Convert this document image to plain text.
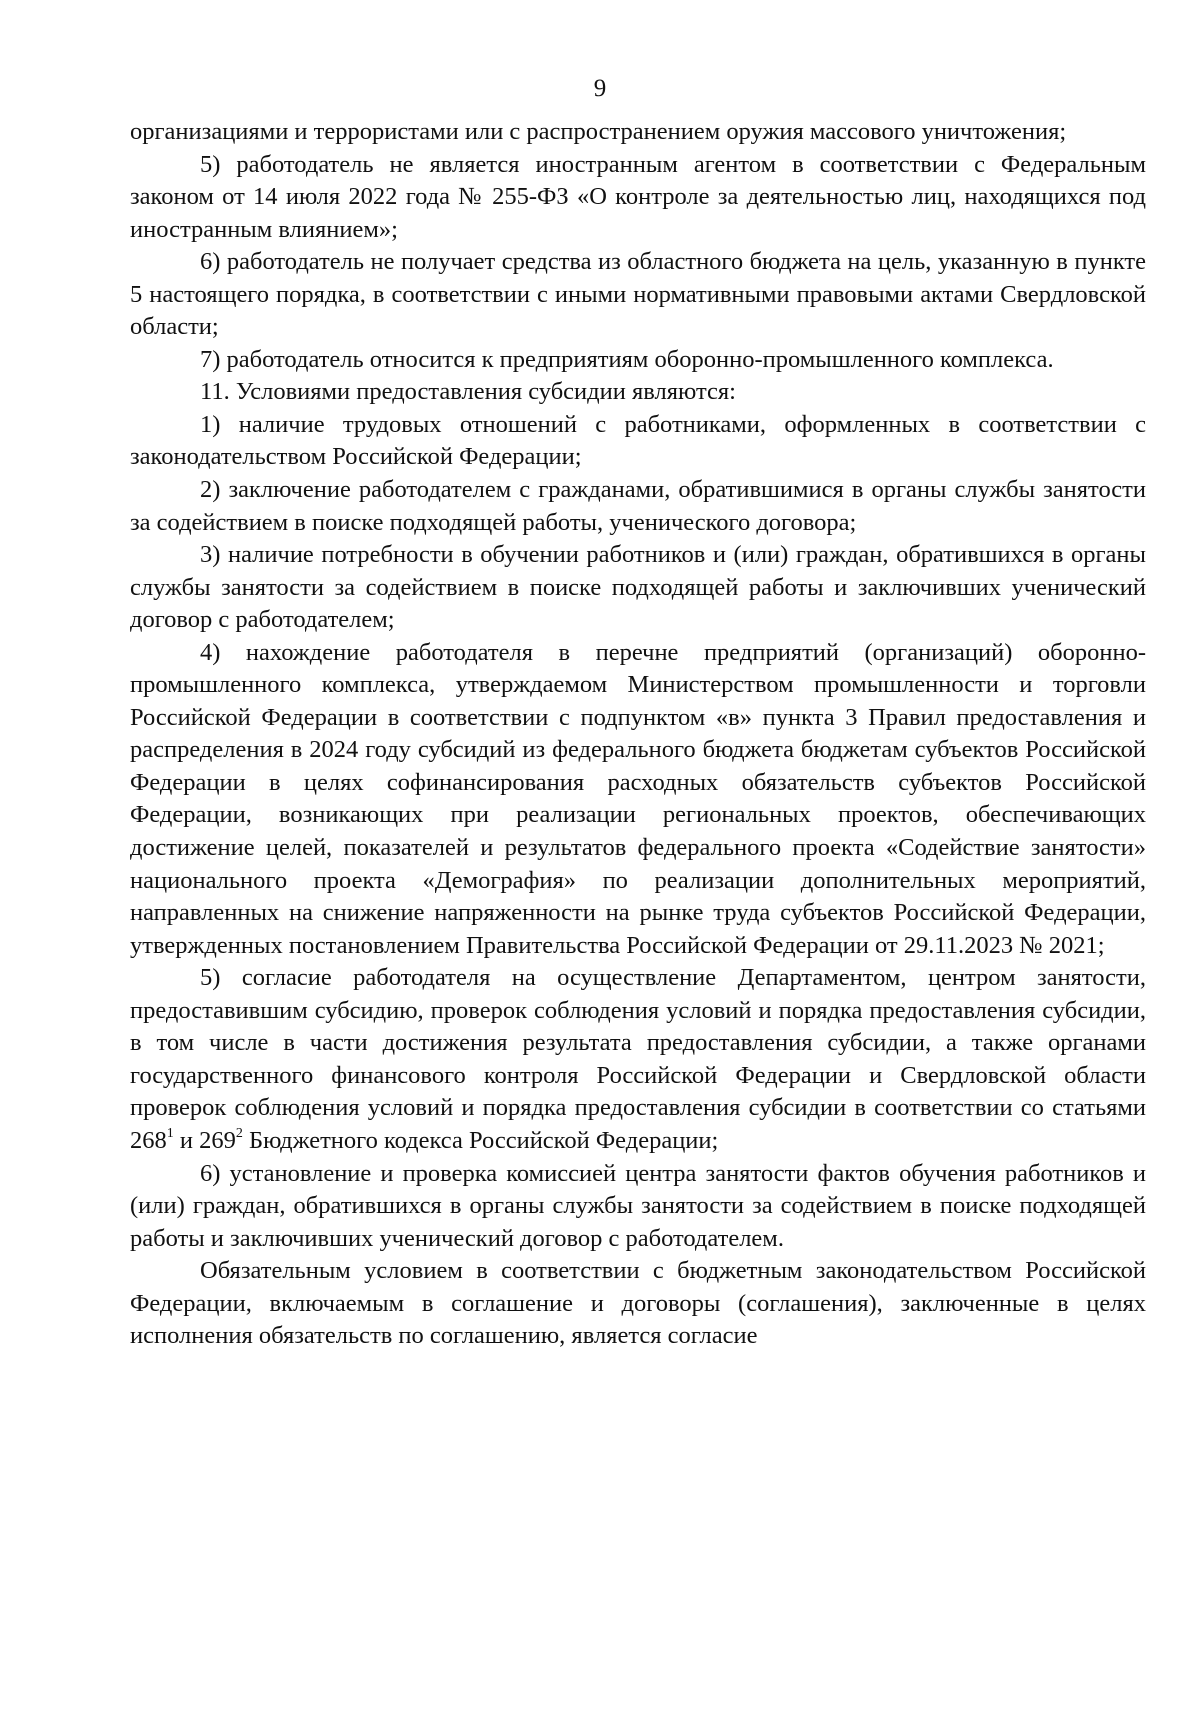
9

организациями и террористами или с распространением оружия массового уничтожения;

5) работодатель не является иностранным агентом в соответствии с Федеральным законом от 14 июля 2022 года № 255-ФЗ «О контроле за деятельностью лиц, находящихся под иностранным влиянием»;

6) работодатель не получает средства из областного бюджета на цель, указанную в пункте 5 настоящего порядка, в соответствии с иными нормативными правовыми актами Свердловской области;

7) работодатель относится к предприятиям оборонно-промышленного комплекса.

11. Условиями предоставления субсидии являются:

1) наличие трудовых отношений с работниками, оформленных в соответствии с законодательством Российской Федерации;

2) заключение работодателем с гражданами, обратившимися в органы службы занятости за содействием в поиске подходящей работы, ученического договора;

3) наличие потребности в обучении работников и (или) граждан, обратившихся в органы службы занятости за содействием в поиске подходящей работы и заключивших ученический договор с работодателем;

4) нахождение работодателя в перечне предприятий (организаций) оборонно-промышленного комплекса, утверждаемом Министерством промышленности и торговли Российской Федерации в соответствии с подпунктом «в» пункта 3 Правил предоставления и распределения в 2024 году субсидий из федерального бюджета бюджетам субъектов Российской Федерации в целях софинансирования расходных обязательств субъектов Российской Федерации, возникающих при реализации региональных проектов, обеспечивающих достижение целей, показателей и результатов федерального проекта «Содействие занятости» национального проекта «Демография» по реализации дополнительных мероприятий, направленных на снижение напряженности на рынке труда субъектов Российской Федерации, утвержденных постановлением Правительства Российской Федерации от 29.11.2023 № 2021;

5) согласие работодателя на осуществление Департаментом, центром занятости, предоставившим субсидию, проверок соблюдения условий и порядка предоставления субсидии, в том числе в части достижения результата предоставления субсидии, а также органами государственного финансового контроля Российской Федерации и Свердловской области проверок соблюдения условий и порядка предоставления субсидии в соответствии со статьями $268^1$ и $269^2$ Бюджетного кодекса Российской Федерации;

6) установление и проверка комиссией центра занятости фактов обучения работников и (или) граждан, обратившихся в органы службы занятости за содействием в поиске подходящей работы и заключивших ученический договор с работодателем.

Обязательным условием в соответствии с бюджетным законодательством Российской Федерации, включаемым в соглашение и договоры (соглашения), заключенные в целях исполнения обязательств по соглашению, является согласие
